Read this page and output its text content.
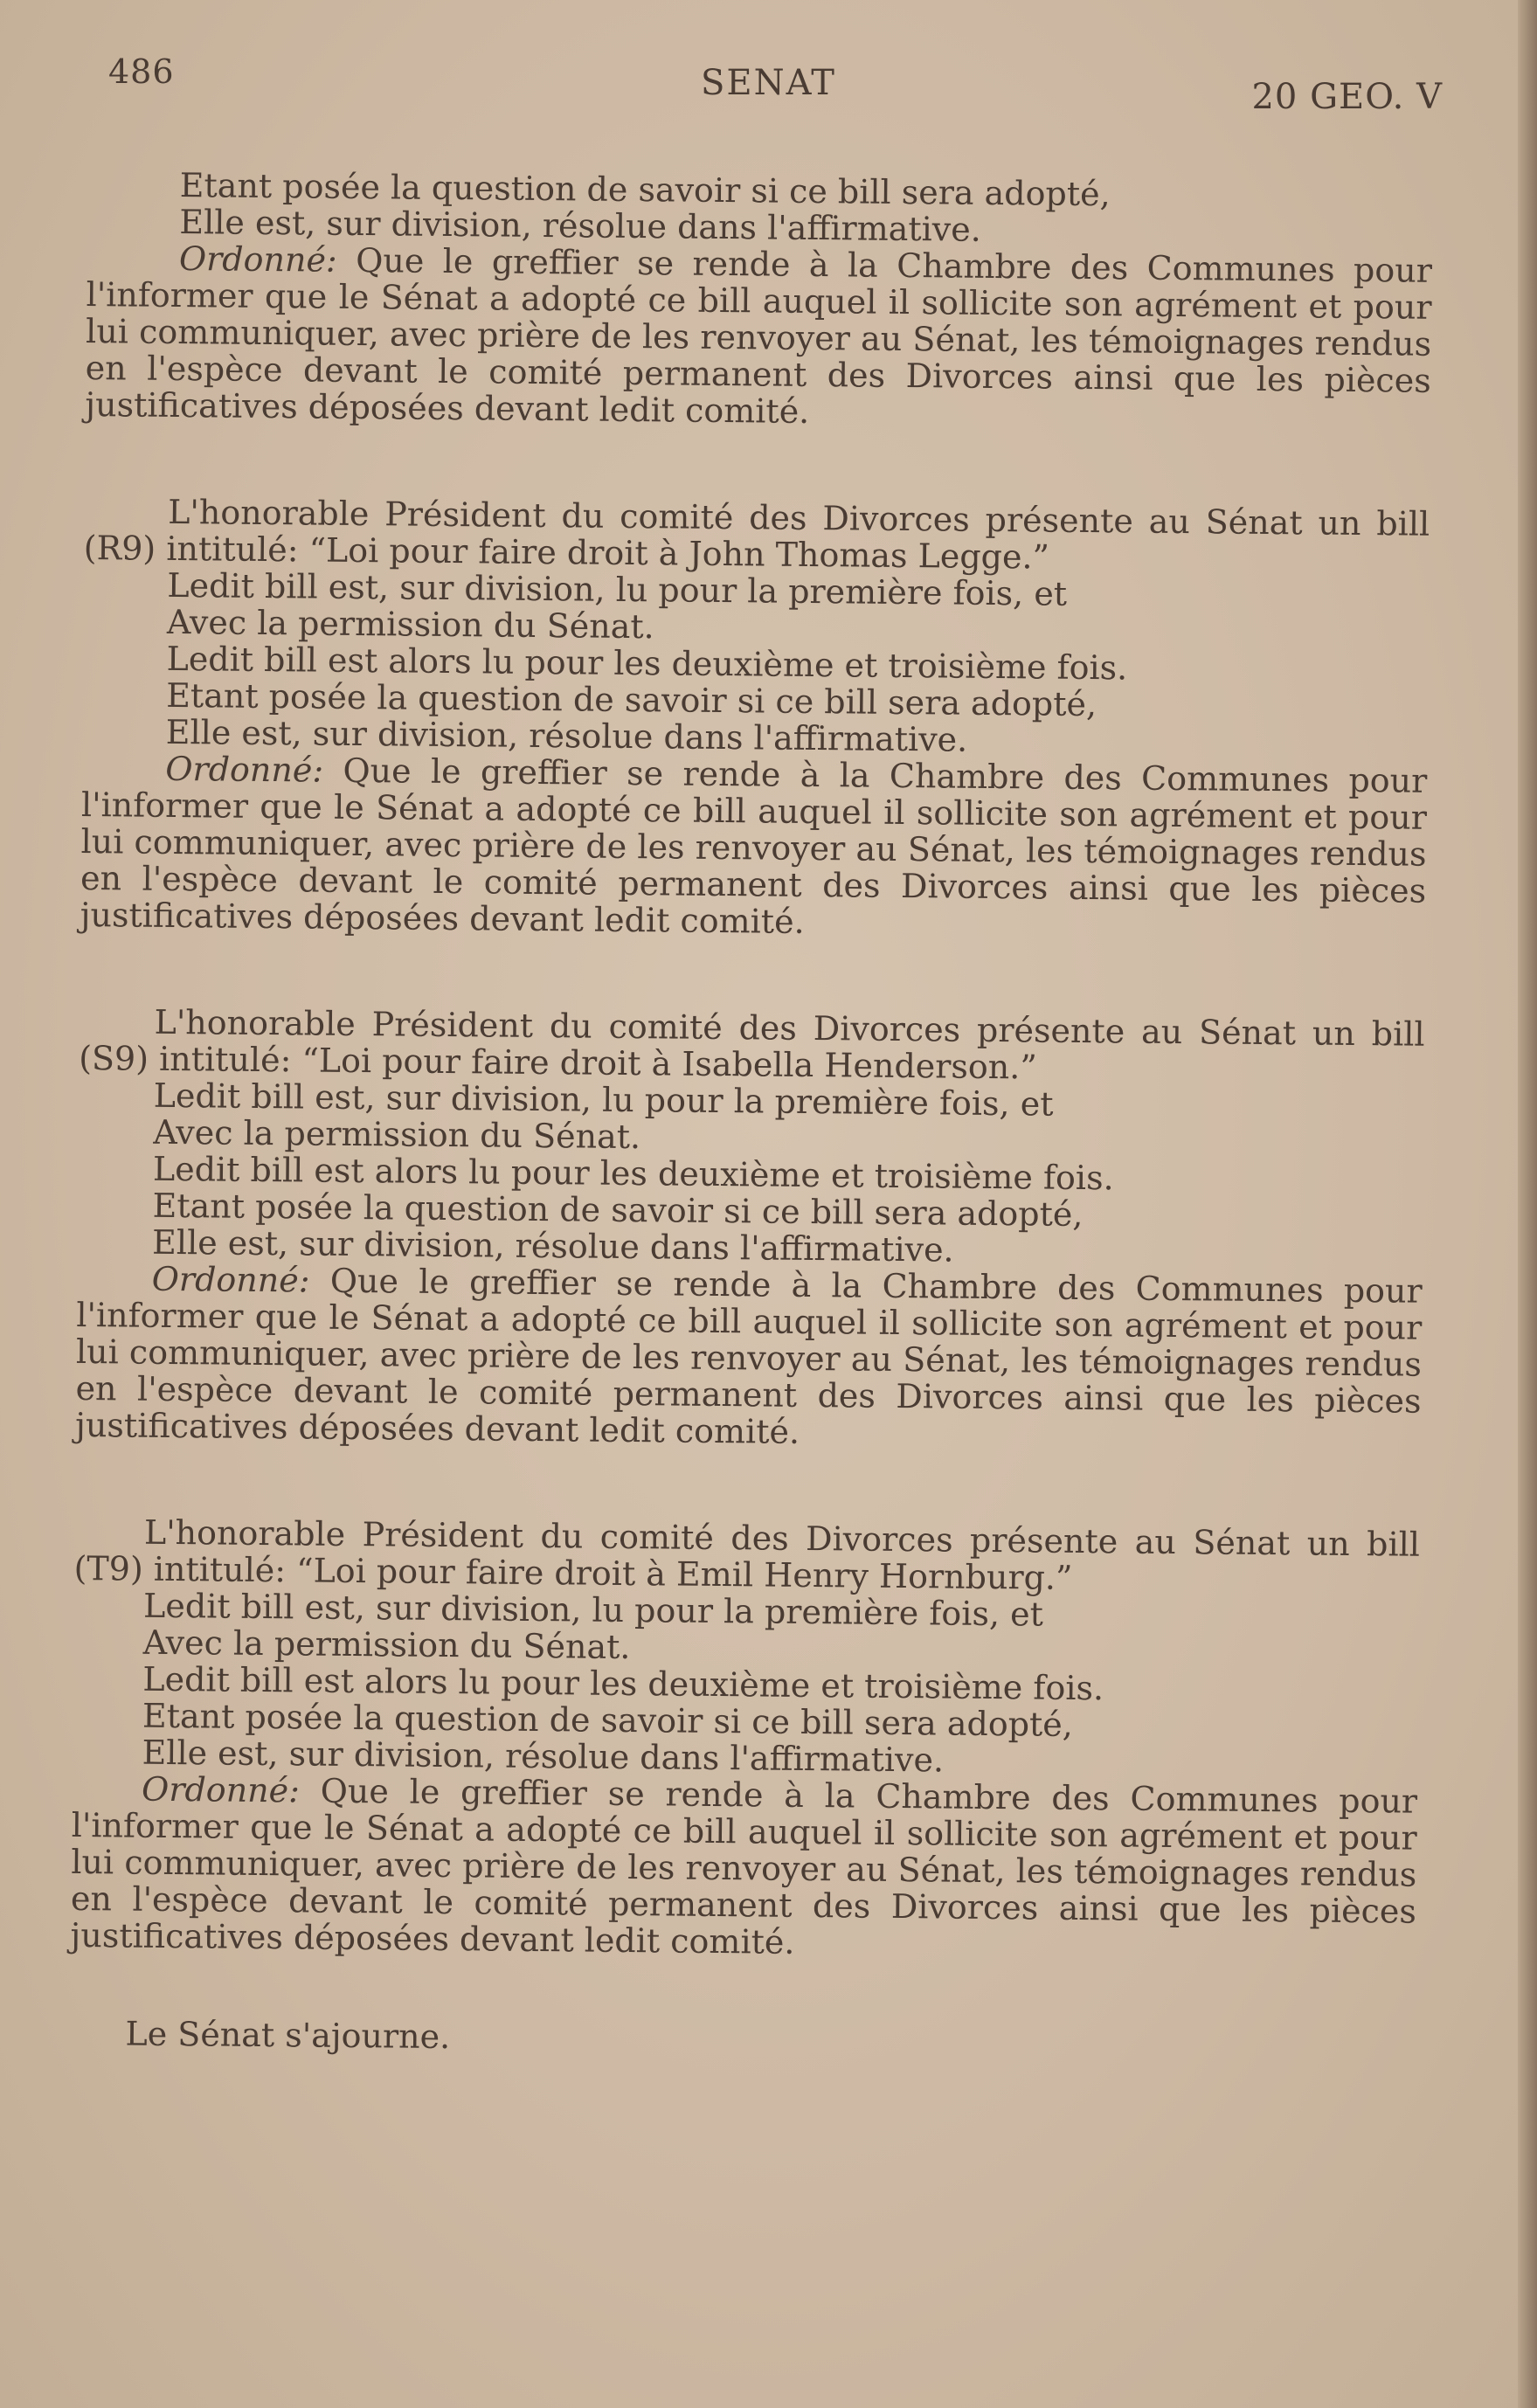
486	SENAT	20 GEO. V

Etant posée la question de savoir si ce bill sera adopté,

Elle est, sur division, résolue dans l'affirmative.

Ordonné: Que le greffier se rende à la Chambre des Communes pour l'informer que le Sénat a adopté ce bill auquel il sollicite son agrément et pour lui communiquer, avec prière de les renvoyer au Sénat, les témoignages rendus en l'espèce devant le comité permanent des Divorces ainsi que les pièces justificatives déposées devant ledit comité.

L'honorable Président du comité des Divorces présente au Sénat un bill (R9) intitulé: “Loi pour faire droit à John Thomas Legge.”

Ledit bill est, sur division, lu pour la première fois, et

Avec la permission du Sénat.

Ledit bill est alors lu pour les deuxième et troisième fois.

Etant posée la question de savoir si ce bill sera adopté,

Elle est, sur division, résolue dans l'affirmative.

Ordonné: Que le greffier se rende à la Chambre des Communes pour l'informer que le Sénat a adopté ce bill auquel il sollicite son agrément et pour lui communiquer, avec prière de les renvoyer au Sénat, les témoignages rendus en l'espèce devant le comité permanent des Divorces ainsi que les pièces justificatives déposées devant ledit comité.

L'honorable Président du comité des Divorces présente au Sénat un bill (S9) intitulé: “Loi pour faire droit à Isabella Henderson.”

Ledit bill est, sur division, lu pour la première fois, et

Avec la permission du Sénat.

Ledit bill est alors lu pour les deuxième et troisième fois.

Etant posée la question de savoir si ce bill sera adopté,

Elle est, sur division, résolue dans l'affirmative.

Ordonné: Que le greffier se rende à la Chambre des Communes pour l'informer que le Sénat a adopté ce bill auquel il sollicite son agrément et pour lui communiquer, avec prière de les renvoyer au Sénat, les témoignages rendus en l'espèce devant le comité permanent des Divorces ainsi que les pièces justificatives déposées devant ledit comité.

L'honorable Président du comité des Divorces présente au Sénat un bill (T9) intitulé: “Loi pour faire droit à Emil Henry Hornburg.”

Ledit bill est, sur division, lu pour la première fois, et

Avec la permission du Sénat.

Ledit bill est alors lu pour les deuxième et troisième fois.

Etant posée la question de savoir si ce bill sera adopté,

Elle est, sur division, résolue dans l'affirmative.

Ordonné: Que le greffier se rende à la Chambre des Communes pour l'informer que le Sénat a adopté ce bill auquel il sollicite son agrément et pour lui communiquer, avec prière de les renvoyer au Sénat, les témoignages rendus en l'espèce devant le comité permanent des Divorces ainsi que les pièces justificatives déposées devant ledit comité.

Le Sénat s'ajourne.
